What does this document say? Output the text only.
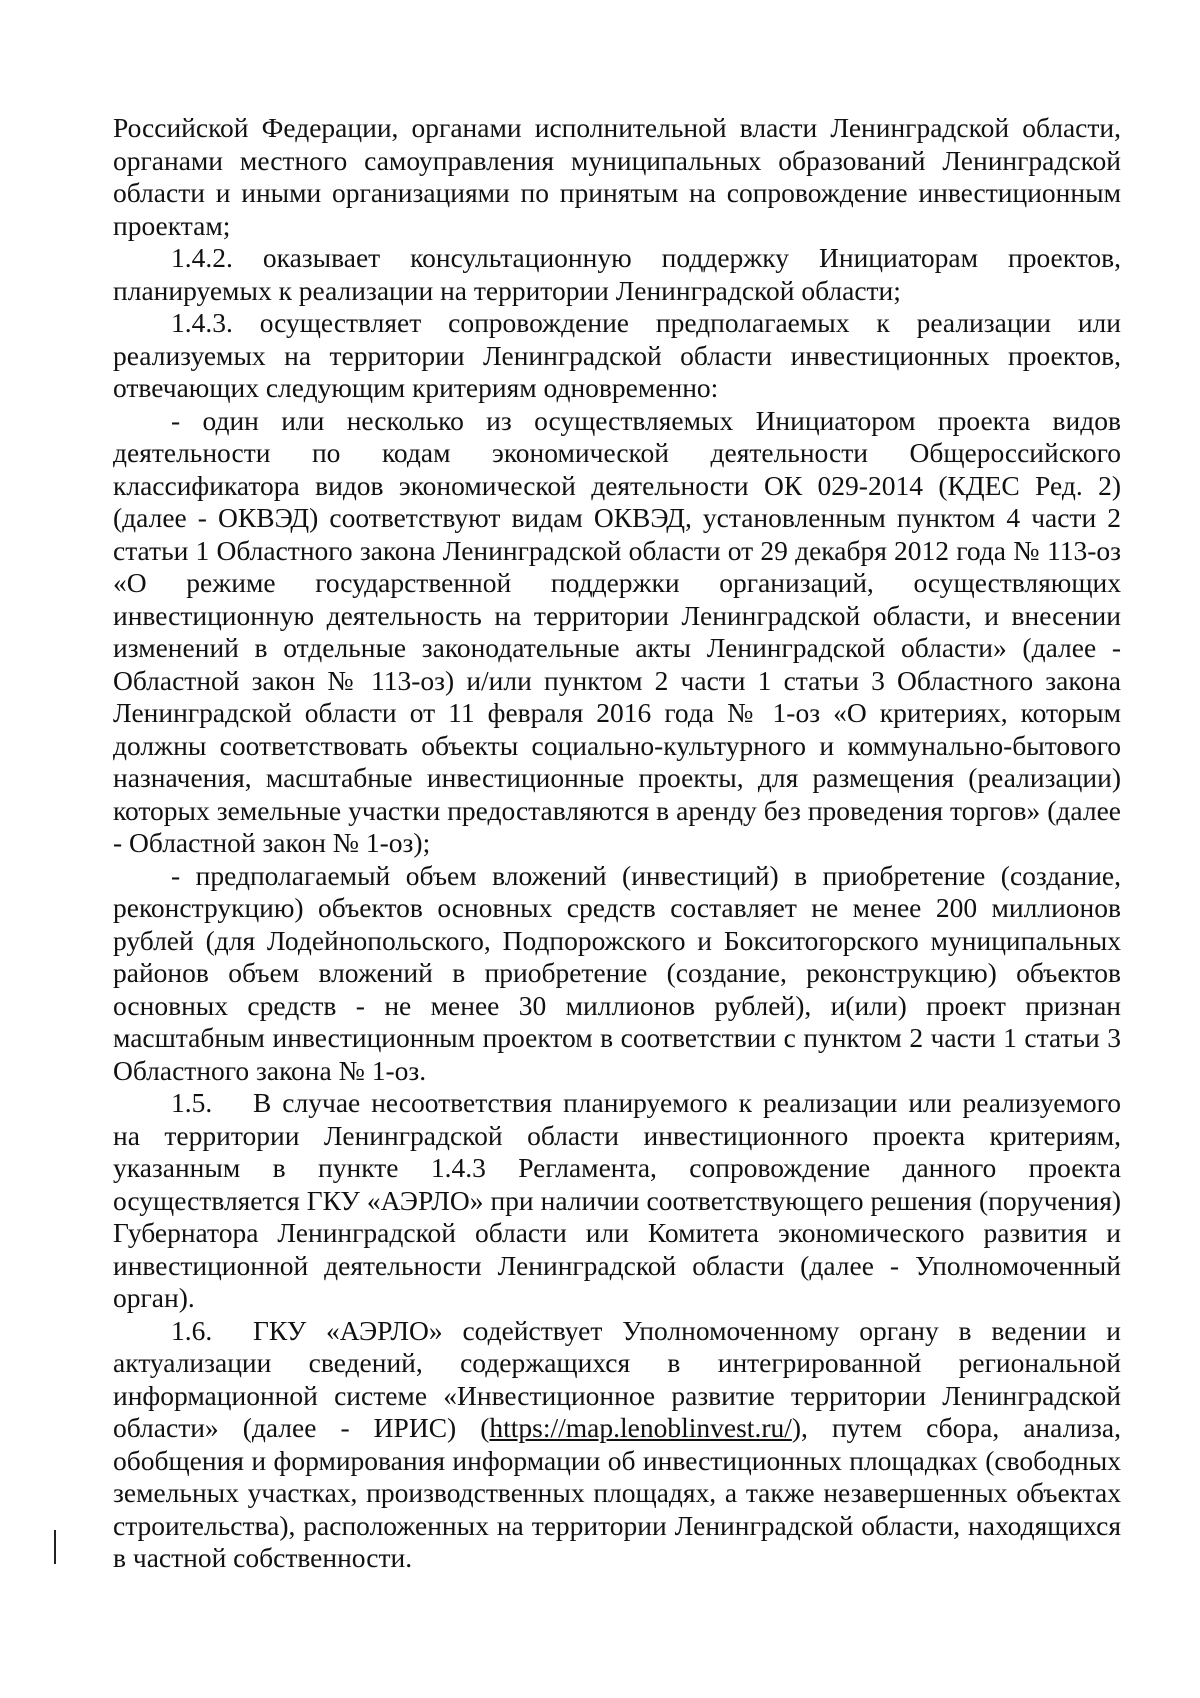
Российской Федерации, органами исполнительной власти Ленинградской области, органами местного самоуправления муниципальных образований Ленинградской области и иными организациями по принятым на сопровождение инвестиционным проектам;

1.4.2. оказывает консультационную поддержку Инициаторам проектов, планируемых к реализации на территории Ленинградской области;

1.4.3. осуществляет сопровождение предполагаемых к реализации или реализуемых на территории Ленинградской области инвестиционных проектов, отвечающих следующим критериям одновременно:

- один или несколько из осуществляемых Инициатором проекта видов деятельности по кодам экономической деятельности Общероссийского классификатора видов экономической деятельности ОК 029-2014 (КДЕС Ред. 2) (далее - ОКВЭД) соответствуют видам ОКВЭД, установленным пунктом 4 части 2 статьи 1 Областного закона Ленинградской области от 29 декабря 2012 года № 113-оз «О режиме государственной поддержки организаций, осуществляющих инвестиционную деятельность на территории Ленинградской области, и внесении изменений в отдельные законодательные акты Ленинградской области» (далее - Областной закон № 113-оз) и/или пунктом 2 части 1 статьи 3 Областного закона Ленинградской области от 11 февраля 2016 года № 1-оз «О критериях, которым должны соответствовать объекты социально-культурного и коммунально-бытового назначения, масштабные инвестиционные проекты, для размещения (реализации) которых земельные участки предоставляются в аренду без проведения торгов» (далее - Областной закон № 1-оз);

- предполагаемый объем вложений (инвестиций) в приобретение (создание, реконструкцию) объектов основных средств составляет не менее 200 миллионов рублей (для Лодейнопольского, Подпорожского и Бокситогорского муниципальных районов объем вложений в приобретение (создание, реконструкцию) объектов основных средств - не менее 30 миллионов рублей), и(или) проект признан масштабным инвестиционным проектом в соответствии с пунктом 2 части 1 статьи 3 Областного закона № 1-оз.

1.5. В случае несоответствия планируемого к реализации или реализуемого на территории Ленинградской области инвестиционного проекта критериям, указанным в пункте 1.4.3 Регламента, сопровождение данного проекта осуществляется ГКУ «АЭРЛО» при наличии соответствующего решения (поручения) Губернатора Ленинградской области или Комитета экономического развития и инвестиционной деятельности Ленинградской области (далее - Уполномоченный орган).

1.6. ГКУ «АЭРЛО» содействует Уполномоченному органу в ведении и актуализации сведений, содержащихся в интегрированной региональной информационной системе «Инвестиционное развитие территории Ленинградской области» (далее - ИРИС) (https://map.lenoblinvest.ru/), путем сбора, анализа, обобщения и формирования информации об инвестиционных площадках (свободных земельных участках, производственных площадях, а также незавершенных объектах строительства), расположенных на территории Ленинградской области, находящихся в частной собственности.
